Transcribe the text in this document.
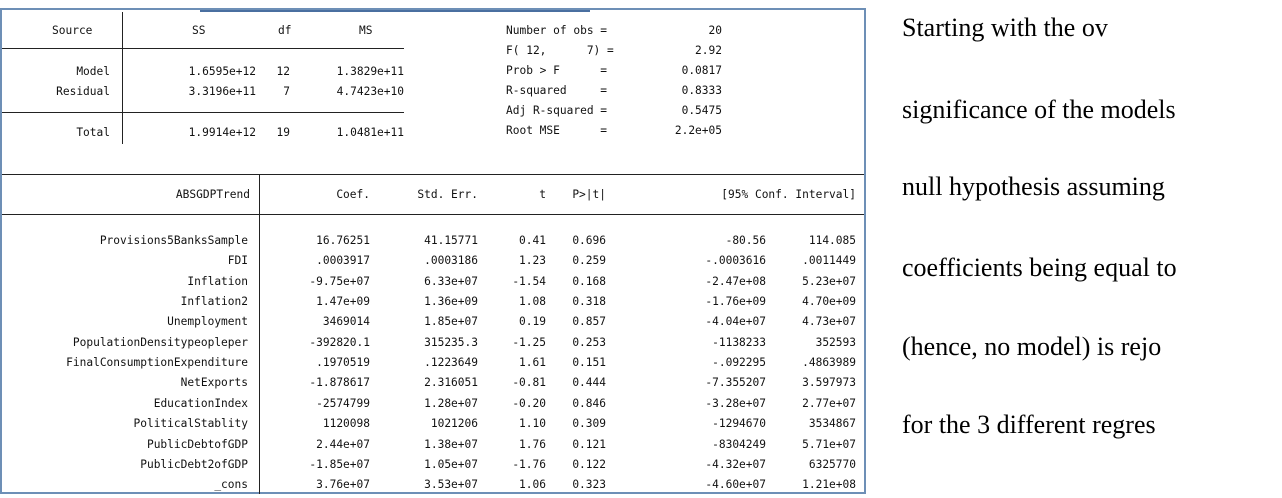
Source	SS	df	MS
Model	1.6595e+12	12	1.3829e+11
Residual	3.3196e+11	7	4.7423e+10
Total	1.9914e+12	19	1.0481e+11
Number of obs =	20
F( 12,      7) =	2.92
Prob > F      =	0.0817
R-squared     =	0.8333
Adj R-squared =	0.5475
Root MSE      =	2.2e+05
ABSGDPTrend	Coef.	Std. Err.	t	P>|t|	[95% Conf. Interval]
Provisions5BanksSample	16.76251	41.15771	0.41	0.696	-80.56	114.085
FDI	.0003917	.0003186	1.23	0.259	-.0003616	.0011449
Inflation	-9.75e+07	6.33e+07	-1.54	0.168	-2.47e+08	5.23e+07
Inflation2	1.47e+09	1.36e+09	1.08	0.318	-1.76e+09	4.70e+09
Unemployment	3469014	1.85e+07	0.19	0.857	-4.04e+07	4.73e+07
PopulationDensitypeopleper	-392820.1	315235.3	-1.25	0.253	-1138233	352593
FinalConsumptionExpenditure	.1970519	.1223649	1.61	0.151	-.092295	.4863989
NetExports	-1.878617	2.316051	-0.81	0.444	-7.355207	3.597973
EducationIndex	-2574799	1.28e+07	-0.20	0.846	-3.28e+07	2.77e+07
PoliticalStablity	1120098	1021206	1.10	0.309	-1294670	3534867
PublicDebtofGDP	2.44e+07	1.38e+07	1.76	0.121	-8304249	5.71e+07
PublicDebt2ofGDP	-1.85e+07	1.05e+07	-1.76	0.122	-4.32e+07	6325770
_cons	3.76e+07	3.53e+07	1.06	0.323	-4.60e+07	1.21e+08
Starting with the ov
significance of the models
null hypothesis assuming
coefficients being equal to
(hence, no model) is rejo
for the 3 different regres
